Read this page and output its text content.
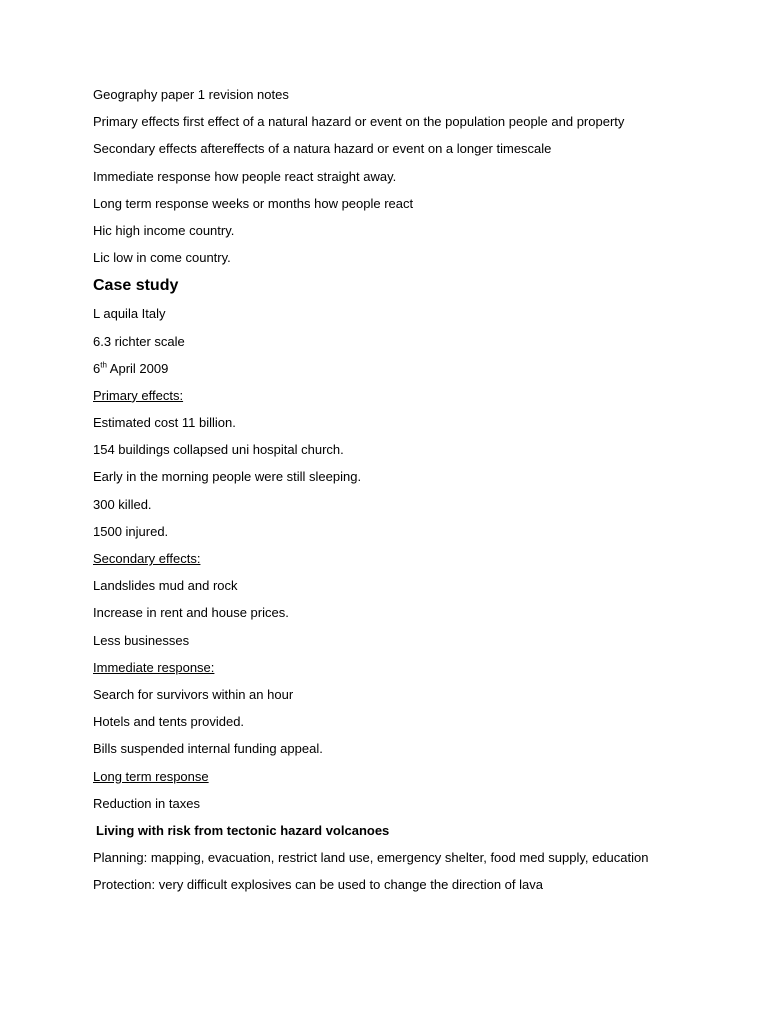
Geography paper 1 revision notes
Primary effects first effect of a natural hazard or event on the population people and property
Secondary effects aftereffects of a natura hazard or event on a longer timescale
Immediate response how people react straight away.
Long term response weeks or months how people react
Hic high income country.
Lic low in come country.
Case study
L aquila Italy
6.3 richter scale
6th April 2009
Primary effects:
Estimated cost 11 billion.
154 buildings collapsed uni hospital church.
Early in the morning people were still sleeping.
300 killed.
1500 injured.
Secondary effects:
Landslides mud and rock
Increase in rent and house prices.
Less businesses
Immediate response:
Search for survivors within an hour
Hotels and tents provided.
Bills suspended internal funding appeal.
Long term response
Reduction in taxes
Living with risk from tectonic hazard volcanoes
Planning: mapping, evacuation, restrict land use, emergency shelter, food med supply, education
Protection: very difficult explosives can be used to change the direction of lava
